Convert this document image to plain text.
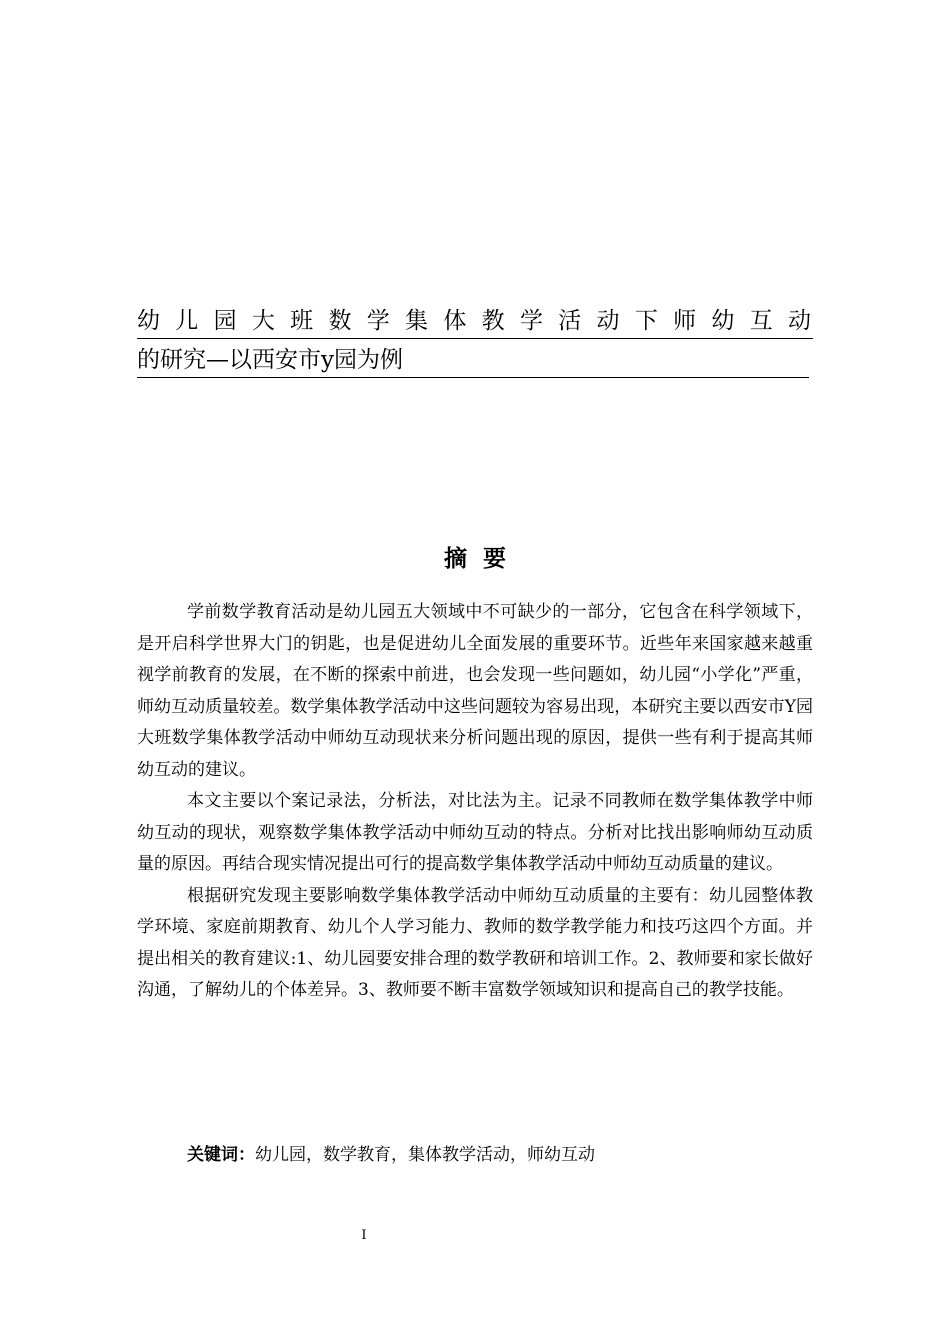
幼儿园大班数学集体教学活动下师幼互动
的研究—以西安市y园为例
摘要

学前数学教育活动是幼儿园五大领域中不可缺少的一部分，它包含在科学领域下，是开启科学世界大门的钥匙，也是促进幼儿全面发展的重要环节。近些年来国家越来越重视学前教育的发展，在不断的探索中前进，也会发现一些问题如，幼儿园“小学化”严重，师幼互动质量较差。数学集体教学活动中这些问题较为容易出现，本研究主要以西安市Y园大班数学集体教学活动中师幼互动现状来分析问题出现的原因，提供一些有利于提高其师幼互动的建议。

本文主要以个案记录法，分析法，对比法为主。记录不同教师在数学集体教学中师幼互动的现状，观察数学集体教学活动中师幼互动的特点。分析对比找出影响师幼互动质量的原因。再结合现实情况提出可行的提高数学集体教学活动中师幼互动质量的建议。

根据研究发现主要影响数学集体教学活动中师幼互动质量的主要有：幼儿园整体教学环境、家庭前期教育、幼儿个人学习能力、教师的数学教学能力和技巧这四个方面。并提出相关的教育建议:1、幼儿园要安排合理的数学教研和培训工作。2、教师要和家长做好沟通，了解幼儿的个体差异。3、教师要不断丰富数学领域知识和提高自己的教学技能。

关键词：幼儿园，数学教育，集体教学活动，师幼互动
I
